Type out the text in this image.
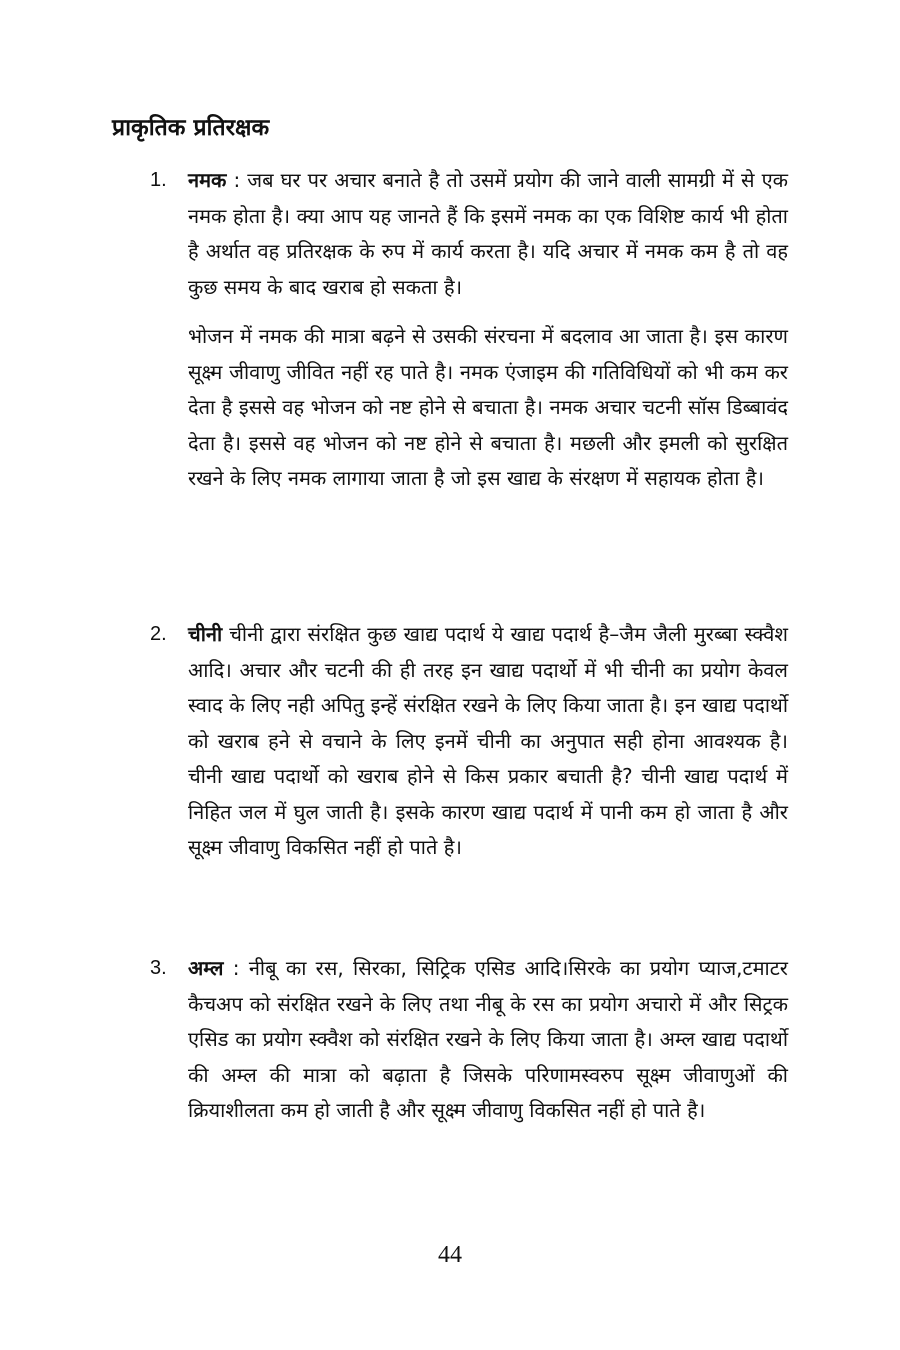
प्राकृतिक प्रतिरक्षक
1.	नमक : जब घर पर अचार बनाते है तो उसमें प्रयोग की जाने वाली सामग्री में से एक नमक होता है। क्या आप यह जानते हैं कि इसमें नमक का एक विशिष्ट कार्य भी होता है अर्थात वह प्रतिरक्षक के रुप में कार्य करता है। यदि अचार में नमक कम है तो वह कुछ समय के बाद खराब हो सकता है।

भोजन में नमक की मात्रा बढ़ने से उसकी संरचना में बदलाव आ जाता है। इस कारण सूक्ष्म जीवाणु जीवित नहीं रह पाते है। नमक एंजाइम की गतिविधियों को भी कम कर देता है इससे वह भोजन को नष्ट होने से बचाता है। नमक अचार चटनी सॉस डिब्बावंद देता है। इससे वह भोजन को नष्ट होने से बचाता है। मछली और इमली को सुरक्षित रखने के लिए नमक लागाया जाता है जो इस खाद्य के संरक्षण में सहायक होता है।

2.	चीनी चीनी द्वारा संरक्षित कुछ खाद्य पदार्थ ये खाद्य पदार्थ है–जैम जैली मुरब्बा स्क्वैश आदि। अचार और चटनी की ही तरह इन खाद्य पदार्थो में भी चीनी का प्रयोग केवल स्वाद के लिए नही अपितु इन्हें संरक्षित रखने के लिए किया जाता है। इन खाद्य पदार्थो को खराब हने से वचाने के लिए इनमें चीनी का अनुपात सही होना आवश्यक है। चीनी खाद्य पदार्थो को खराब होने से किस प्रकार बचाती है? चीनी खाद्य पदार्थ में निहित जल में घुल जाती है। इसके कारण खाद्य पदार्थ में पानी कम हो जाता है और सूक्ष्म जीवाणु विकसित नहीं हो पाते है।

3.	अम्ल : नीबू का रस, सिरका, सिट्रिक एसिड आदि।सिरके का प्रयोग प्याज,टमाटर कैचअप को संरक्षित रखने के लिए तथा नीबू के रस का प्रयोग अचारो में और सिट्रक एसिड का प्रयोग स्क्वैश को संरक्षित रखने के लिए किया जाता है। अम्ल खाद्य पदार्थो की अम्ल की मात्रा को बढ़ाता है जिसके परिणामस्वरुप सूक्ष्म जीवाणुओं की क्रियाशीलता कम हो जाती है और सूक्ष्म जीवाणु विकसित नहीं हो पाते है।

44
